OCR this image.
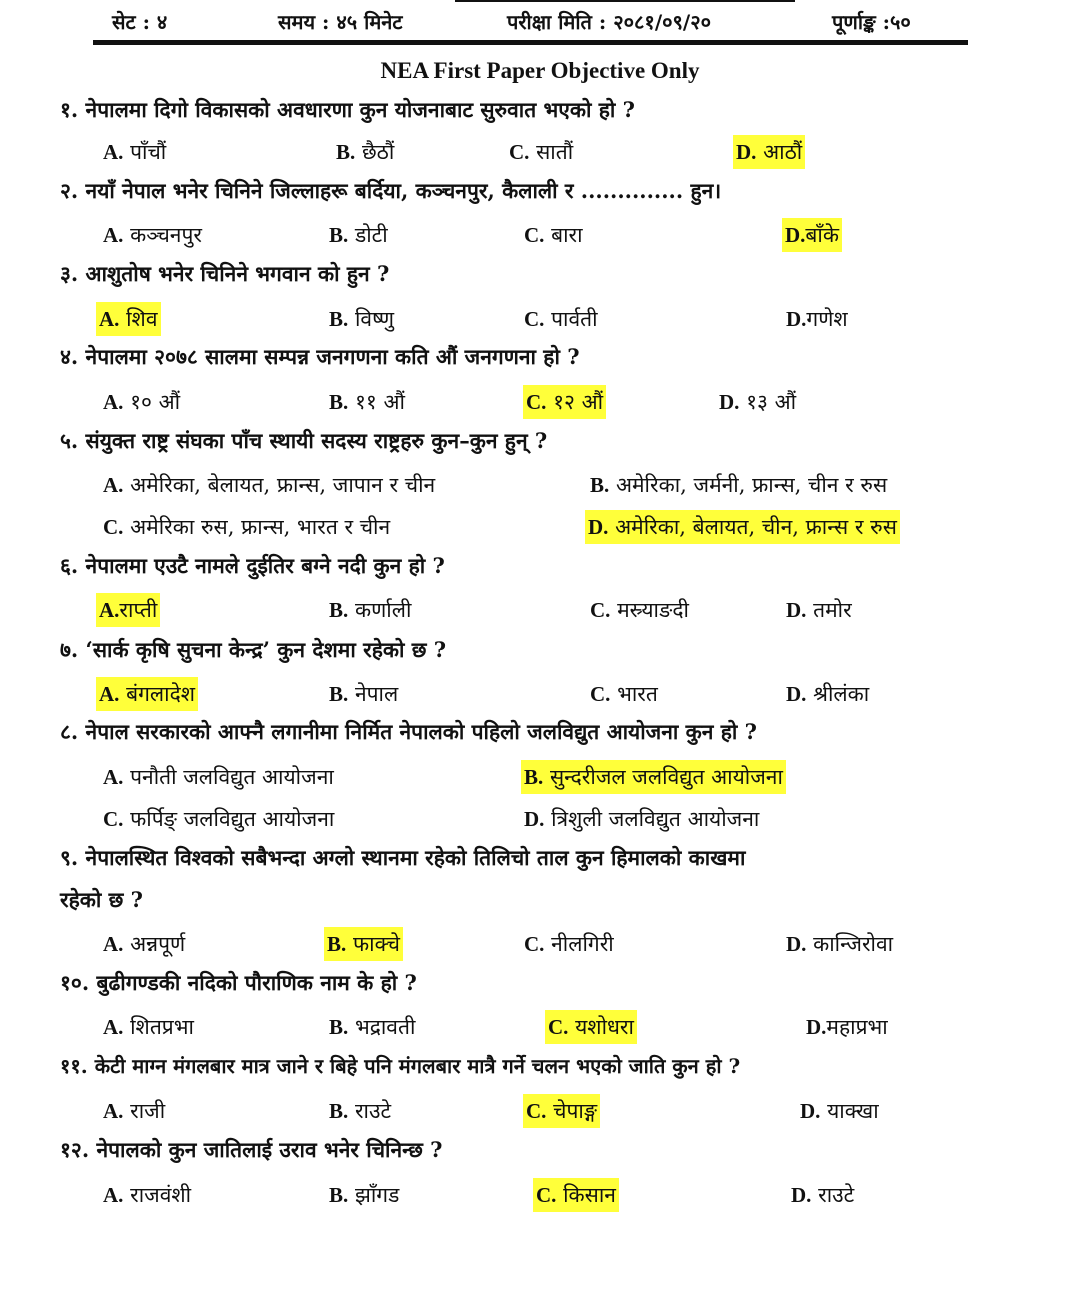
सेट : ४	समय : ४५ मिनेट	परीक्षा मिति : २०८१/०९/२०	पूर्णाङ्क :५०
NEA First Paper Objective Only
१. नेपालमा दिगो विकासको अवधारणा कुन योजनाबाट सुरुवात भएको हो ?
A. पाँचौं	B. छैठौं	C. सातौं	D. आठौं
२. नयाँ नेपाल भनेर चिनिने जिल्लाहरू बर्दिया, कञ्चनपुर, कैलाली र .............. हुन।
A. कञ्चनपुर	B. डोटी	C. बारा	D.बाँके
३. आशुतोष भनेर चिनिने भगवान को हुन ?
A. शिव	B. विष्णु	C. पार्वती	D.गणेश
४. नेपालमा २०७८ सालमा सम्पन्न जनगणना कति औं जनगणना हो ?
A. १० औं	B. ११ औं	C. १२ औं	D. १३ औं
५. संयुक्त राष्ट्र संघका पाँच स्थायी सदस्य राष्ट्रहरु कुन–कुन हुन् ?
A. अमेरिका, बेलायत, फ्रान्स, जापान र चीन	B. अमेरिका, जर्मनी, फ्रान्स, चीन र रुस
C. अमेरिका रुस, फ्रान्स, भारत र चीन	D. अमेरिका, बेलायत, चीन, फ्रान्स र रुस
६. नेपालमा एउटै नामले दुईतिर बग्ने नदी कुन हो ?
A.राप्ती	B. कर्णाली	C. मस्र्याङदी	D. तमोर
७. ‘सार्क कृषि सुचना केन्द्र’ कुन देशमा रहेको छ ?
A. बंगलादेश	B. नेपाल	C. भारत	D. श्रीलंका
८. नेपाल सरकारको आफ्नै लगानीमा निर्मित नेपालको पहिलो जलविद्युत आयोजना कुन हो ?
A. पनौती जलविद्युत आयोजना	B. सुन्दरीजल जलविद्युत आयोजना
C. फर्पिङ् जलविद्युत आयोजना	D. त्रिशुली जलविद्युत आयोजना
९. नेपालस्थित विश्वको सबैभन्दा अग्लो स्थानमा रहेको तिलिचो ताल कुन हिमालको काखमा
रहेको छ ?
A. अन्नपूर्ण	B. फाक्चे	C. नीलगिरी	D. कान्जिरोवा
१०. बुढीगण्डकी नदिको पौराणिक नाम के हो ?
A. शितप्रभा	B. भद्रावती	C. यशोधरा	D.महाप्रभा
११. केटी माग्न मंगलबार मात्र जाने र बिहे पनि मंगलबार मात्रै गर्ने चलन भएको जाति कुन हो ?
A. राजी	B. राउटे	C. चेपाङ्ग	D. याक्खा
१२. नेपालको कुन जातिलाई उराव भनेर चिनिन्छ ?
A. राजवंशी	B. झाँगड	C. किसान	D. राउटे
